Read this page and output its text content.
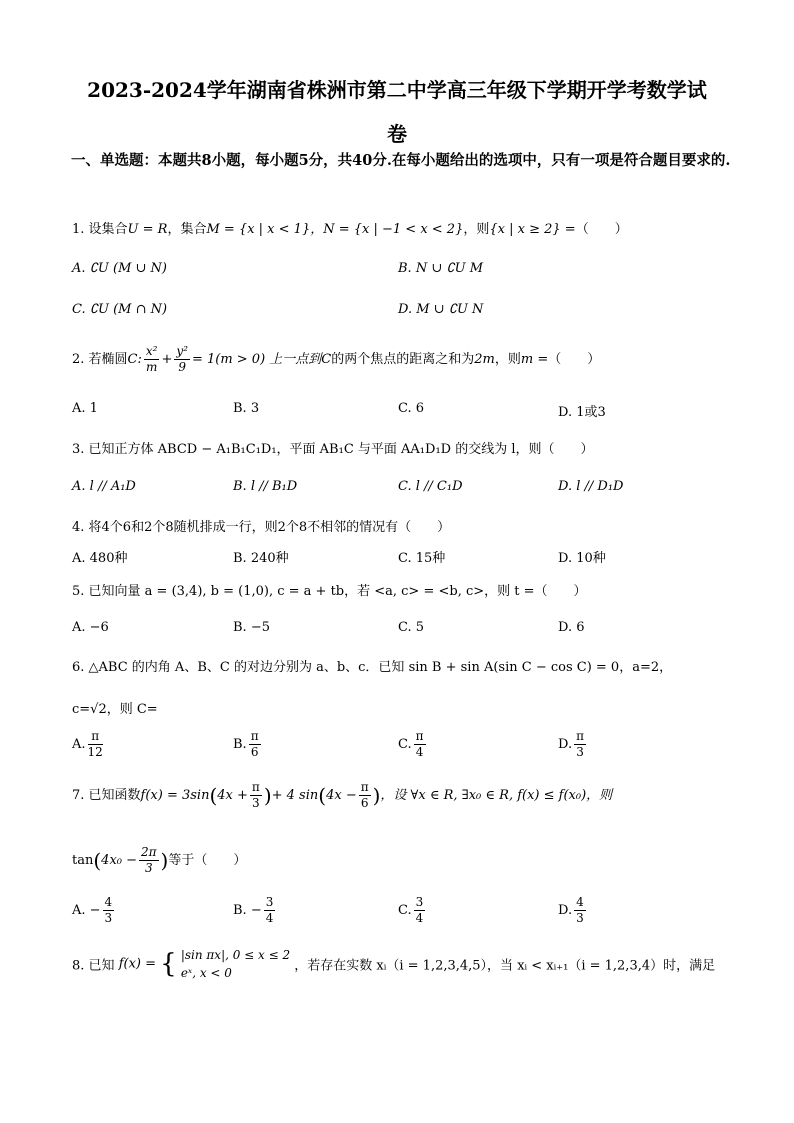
2023-2024学年湖南省株洲市第二中学高三年级下学期开学考数学试
卷
一、单选题：本题共8小题，每小题5分，共40分.在每小题给出的选项中，只有一项是符合题目要求的.
1. 设集合U = R，集合M = {x | x < 1}，N = {x | −1 < x < 2}，则{x | x ≥ 2} =（　　）
A. ∁U (M ∪ N)	B. N ∪ ∁U M
C. ∁U (M ∩ N)	D. M ∪ ∁U N
2. 若椭圆C: $\frac{\text{x²}}{m} + \frac{\text{y²}}{9} = 1(m > 0)$ 上一点到C的两个焦点的距离之和为2m，则m =（　　）
A. 1	B. 3	C. 6	D. 1或3
3. 已知正方体 ABCD − A₁B₁C₁D₁，平面 AB₁C 与平面 AA₁D₁D 的交线为 l，则（　　）
A. l // A₁D	B. l // B₁D	C. l // C₁D	D. l // D₁D
4. 将4个6和2个8随机排成一行，则2个8不相邻的情况有（　　）
A. 480种	B. 240种	C. 15种	D. 10种
5. 已知向量 a = (3,4), b = (1,0), c = a + tb，若 <a, c> = <b, c>，则 t =（　　）
A. −6	B. −5	C. 5	D. 6
6. △ABC 的内角 A、B、C 的对边分别为 a、b、c．已知 sin B + sin A(sin C − cos C) = 0，a=2，
c=√2，则 C=
A. $\frac{\pi}{12}$	B. $\frac{\pi}{6}$	C. $\frac{\pi}{4}$	D. $\frac{\pi}{3}$
7. 已知函数$f(x) = 3\sin(4x + \frac{\pi}{3}$ )+ 4 $\sin(4x - \frac{\pi}{6}$ )，设 ∀x ∈ R, ∃x₀ ∈ R, f(x) ≤ f(x₀)，则
$\tan(4x_0 - \frac{2\pi}{3}$ )等于（　　）
A. − $\frac{4}{3}$	B. − $\frac{3}{4}$	C. $\frac{3}{4}$	D. $\frac{4}{3}$
8. 已知 f(x) = { |sin πx|, 0 ≤ x ≤ 2
eˣ, x < 0	，若存在实数 xᵢ（i = 1,2,3,4,5），当 xᵢ < xᵢ₊₁（i = 1,2,3,4）时，满足
